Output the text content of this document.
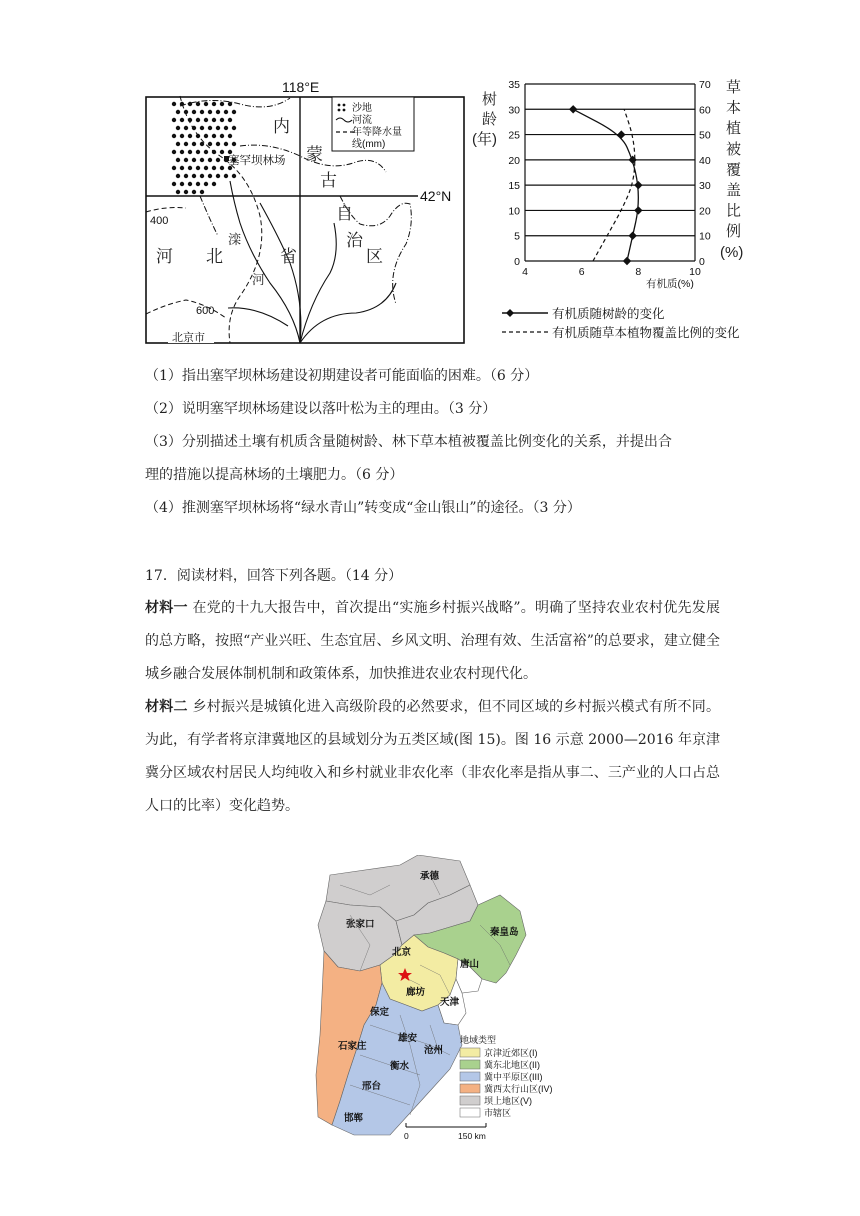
118°E
42°N
沙地
河流
年等降水量
线(mm)
塞罕坝林场
内
蒙
古
自
治
区
河 北	省
滦
河
400
600
北京市
树
龄
(年)
草
本
植
被
覆
盖
比
例
(%)
0
5
10
15
20
25
30
35
0
10
20
30
40
50
60
70
4	6	8	10
有机质(%)
有机质随树龄的变化
有机质随草本植物覆盖比例的变化
（1）指出塞罕坝林场建设初期建设者可能面临的困难。（6 分）
（2）说明塞罕坝林场建设以落叶松为主的理由。（3 分）
（3）分别描述土壤有机质含量随树龄、林下草本植被覆盖比例变化的关系，并提出合
理的措施以提高林场的土壤肥力。（6 分）
（4）推测塞罕坝林场将“绿水青山”转变成“金山银山”的途径。（3 分）
17．阅读材料，回答下列各题。（14 分）
材料一 在党的十九大报告中，首次提出“实施乡村振兴战略”。明确了坚持农业农村优先发展的总方略，按照“产业兴旺、生态宜居、乡风文明、治理有效、生活富裕”的总要求，建立健全城乡融合发展体制机制和政策体系，加快推进农业农村现代化。
材料二 乡村振兴是城镇化进入高级阶段的必然要求，但不同区域的乡村振兴模式有所不同。为此，有学者将京津冀地区的县域划分为五类区域(图 15)。图 16 示意 2000—2016 年京津冀分区域农村居民人均纯收入和乡村就业非农化率（非农化率是指从事二、三产业的人口占总人口的比率）变化趋势。
承德
张家口
秦皇岛
北京
唐山
廊坊
天津
保定
沧州
石家庄
衡水
邢台
邯郸
雄安	地域类型
京津近郊区(I)
冀东北地区(II)
冀中平原区(III)
冀西太行山区(IV)
坝上地区(V)
市辖区
0	150 km
